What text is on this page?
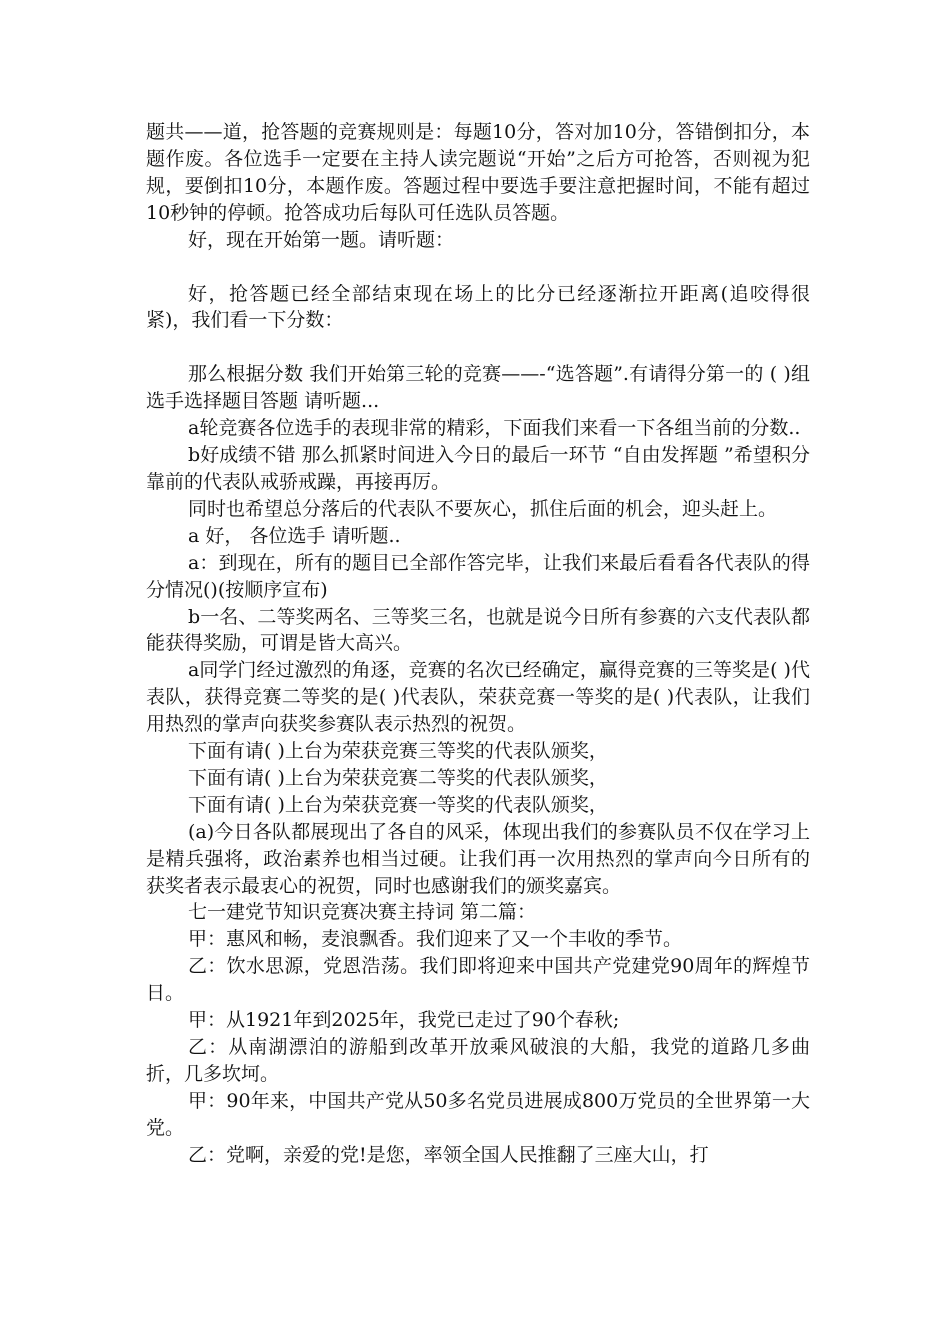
题共——道，抢答题的竞赛规则是：每题10分，答对加10分，答错倒扣分，本题作废。各位选手一定要在主持人读完题说“开始”之后方可抢答，否则视为犯规，要倒扣10分，本题作废。答题过程中要选手要注意把握时间，不能有超过10秒钟的停顿。抢答成功后每队可任选队员答题。

好，现在开始第一题。请听题：

好，抢答题已经全部结束现在场上的比分已经逐渐拉开距离(追咬得很紧)，我们看一下分数：

那么根据分数 我们开始第三轮的竞赛——-“选答题”.有请得分第一的 ( )组选手选择题目答题 请听题...

a轮竞赛各位选手的表现非常的精彩，下面我们来看一下各组当前的分数..

b好成绩不错 那么抓紧时间进入今日的最后一环节 “自由发挥题 ”希望积分靠前的代表队戒骄戒躁，再接再厉。

同时也希望总分落后的代表队不要灰心，抓住后面的机会，迎头赶上。

a 好， 各位选手 请听题..

a：到现在，所有的题目已全部作答完毕，让我们来最后看看各代表队的得分情况()(按顺序宣布)

b一名、二等奖两名、三等奖三名，也就是说今日所有参赛的六支代表队都能获得奖励，可谓是皆大高兴。

a同学门经过激烈的角逐，竞赛的名次已经确定，赢得竞赛的三等奖是( )代表队，获得竞赛二等奖的是( )代表队，荣获竞赛一等奖的是( )代表队，让我们用热烈的掌声向获奖参赛队表示热烈的祝贺。

下面有请( )上台为荣获竞赛三等奖的代表队颁奖，

下面有请( )上台为荣获竞赛二等奖的代表队颁奖，

下面有请( )上台为荣获竞赛一等奖的代表队颁奖，

(a)今日各队都展现出了各自的风采，体现出我们的参赛队员不仅在学习上是精兵强将，政治素养也相当过硬。让我们再一次用热烈的掌声向今日所有的获奖者表示最衷心的祝贺，同时也感谢我们的颁奖嘉宾。

七一建党节知识竞赛决赛主持词 第二篇：

甲：惠风和畅，麦浪飘香。我们迎来了又一个丰收的季节。

乙：饮水思源，党恩浩荡。我们即将迎来中国共产党建党90周年的辉煌节日。

甲：从1921年到2025年，我党已走过了90个春秋;

乙：从南湖漂泊的游船到改革开放乘风破浪的大船，我党的道路几多曲折，几多坎坷。

甲：90年来，中国共产党从50多名党员进展成800万党员的全世界第一大党。

乙：党啊，亲爱的党!是您，率领全国人民推翻了三座大山，打
